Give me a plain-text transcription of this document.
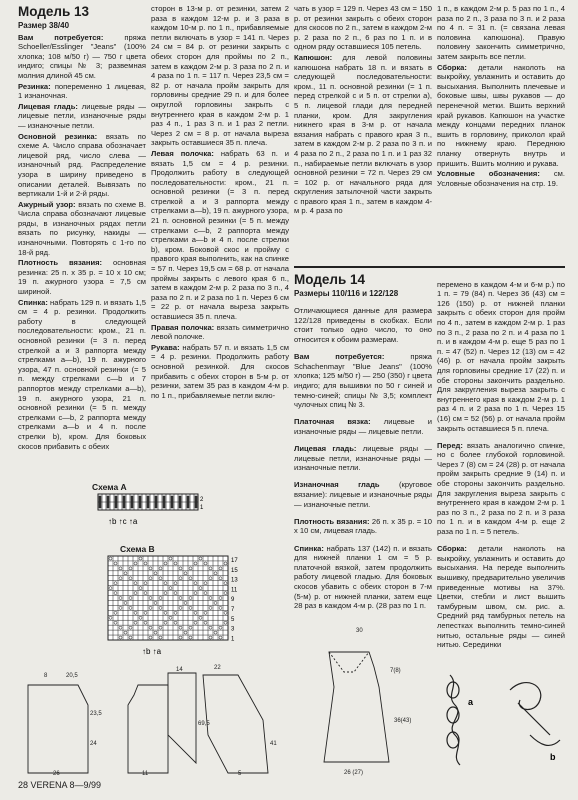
Модель 13
Размер 38/40

Вам потребуется:	пряжа Schoeller/Esslinger "Jeans" (100% хлопка; 108 м/50 г) — 750 г цвета индиго; спицы № 3; развемная молния длиной 45 см.

Резинка: попеременно 1 лицевая, 1 изнаночная.

Лицевая гладь: лицевые ряды — лицевые петли, изнаночные ряды — изнаночные петли.

Основной резинка: вязать по схеме А. Число справа обозначает лицевой ряд, число слева — изнаночный ряд. Распределение узора в ширину приведено в описании деталей. Вывязать по вертикали 1-й и 2-й ряды.

Ажурный узор: вязать по схеме В. Числа справа обозначают лицевые ряды, в изнаночных рядах петли вязать по рисунку, накиды — изнаночными. Повторять с 1-го по 18-й ряд.

Плотность вязания: основная резинка: 25 п. х 35 р. = 10 х 10 см; 19 п. ажурного узора = 7,5 см шириной.

Спинка: набрать 129 п. и вязать 1,5 см = 4 р. резинки. Продолжить работу в следующей последовательности: кром., 21 п. основной резинки (= 3 п. перед стрелкой а и 3 раппорта между стрелками а—b), 19 п. ажурного узора, 47 п. основной резинки (= 5 п. между стрелками с—b и 7 раппортов между стрелками а—b), 19 п. ажурного узора, 21 п. основной резинки (= 5 п. между стрелками с—b, 2 раппорта между стрелками а—b и 4 п. после стрелки b), кром. Для боковых скосов прибавить с обеих

сторон в 13-м р. от резинки, затем 2 раза в каждом 12-м р. и 3 раза в каждом 10-м р. по 1 п., прибавляемые петли включать в узор = 141 п. Через 24 см = 84 р. от резинки закрыть с обеих сторон для проймы по 2 п., затем в каждом 2-м р. 3 раза по 2 п. и 4 раза по 1 п. = 117 п. Через 23,5 см = 82 р. от начала пройм закрыть для горловины средние 29 п. и для более округлой горловины закрыть с внутреннего края в каждом 2-м р. 1 раз 4 п., 1 раз 3 п. и 1 раз 2 петли. Через 2 см = 8 р. от начала выреза закрыть оставшиеся 35 п. плеча.

Левая полочка: набрать 63 п. и вязать 1,5 см = 4 р. резинки. Продолжить работу в следующей последовательности: кром., 21 п. основной резинки (= 3 п. перед стрелкой а и 3 раппорта между стрелками а—b), 19 п. ажурного узора, 21 п. основной резинки (= 5 п. между стрелками с—b, 2 раппорта между стрелками а—b и 4 п. после стрелки b), кром. Боковой скос и пройму с правого края выполнить, как на спинке = 57 п. Через 19,5 см = 68 р. от начала проймы закрыть с левого края 6 п., затем в каждом 2-м р. 2 раза по 3 п., 4 раза по 2 п. и 2 раза по 1 п. Через 6 см = 22 р. от начала выреза закрыть оставшиеся 35 п. плеча.

Правая полочка: вязать симметрично левой полочке.

Рукава: набрать 57 п. и вязать 1,5 см = 4 р. резинки. Продолжить работу основной резинкой. Для скосов прибавить с обеих сторон в 5-м р. от резинки, затем 35 раз в каждом 4-м р. по 1 п., прибавляемые петли вклю-

чать в узор = 129 п. Через 43 см = 150 р. от резинки закрыть с обеих сторон для скосов по 2 п., затем в каждом 2-м р. 2 раза по 2 п., 6 раз по 1 п. и в одном ряду оставшиеся 105 петель.

Капюшон: для левой половины капюшона набрать 18 п. и вязать в следующей последовательности: кром., 11 п. основной резинки (= 1 п. перед стрелкой с и 5 п. от стрелки а), 5 п. лицевой глади для передней планки, кром. Для закругления нижнего края в 3-м р. от начала вязания набрать с правого края 3 п., затем в каждом 2-м р. 2 раза по 3 п. и 4 раза по 2 п., 2 раза по 1 п. и 1 раз 32 п., набираемые петли включать в узор основной резинки = 72 п. Через 29 см = 102 р. от начального ряда для скругления затылочной части закрыть с правого края 1 п., затем в каждом 4-м р. 4 раза по

1 п., в каждом 2-м р. 5 раз по 1 п., 4 раза по 2 п., 3 раза по 3 п. и 2 раза по 4 п. = 31 п. (= связана левая половина капюшона). Правую половину закончить симметрично, затем закрыть все петли.

Сборка: детали наколоть на выкройку, увлажнить и оставить до высыхания. Выполнить плечевые и боковые швы, швы рукавов — до перенечной метки. Вшить верхний край рукавов. Капюшон на участке между концами передних планок вшить в горловину, приколол край по нижнему краю. Переднюю планку отвернуть внутрь и пришить. Вшить молнию и рукава.

Условные обозначения: см. Условные обозначения на стр. 19.

Модель 14
Размеры 110/116 и 122/128

Отличающиеся данные для размера 122/128 приведены в скобках. Если стоит только одно число, то оно относится к обоим размерам.

Вам потребуется:	пряжа Schachenmayr "Blue Jeans" (100% хлопка; 125 м/50 г) — 250 (350) г цвета индиго; для вышивки по 50 г синей и темно-синей; спицы № 3,5; комплект чулочных спиц № 3.

Платочная вязка: лицевые и изнаночные ряды — лицевые петли.

Лицевая гладь: лицевые ряды — лицевые петли, изнаночные ряды — изнаночные петли.

Изнаночная гладь	(круговое вязание): лицевые и изнаночные ряды — изнаночные петли.

Плотность вязания: 26 п. х 35 р. = 10 х 10 см, лицевая гладь.

Спинка: набрать 137 (142) п. и вязать для нижней планки 1 см = 5 р. платочной вязкой, затем продолжить работу лицевой гладью. Для боковых скосов убавить с обеих сторон в 7-м (5-м) р. от нижней планки, затем еще 28 раз в каждом 4-м р. (28 раз по 1 п.

перемено в каждом 4-м и 6-м р.) по 1 п. = 79 (84) п. Через 36 (43) см = 126 (150) р. от нижней планки закрыть с обеих сторон для пройм по 4 п., затем в каждом 2-м р. 1 раз по 3 п., 2 раза по 2 п. и 4 раза по 1 п. и в каждом 4-м р. еще 5 раз по 1 п. = 47 (52) п. Через 12 (13) см = 42 (46) р. от начала пройм закрыть для горловины средние 17 (22) п. и обе стороны закончить раздельно. Для закругления выреза закрыть с внутреннего края в каждом 2-м р. 1 раз 4 п. и 2 раза по 1 п. Через 15 (16) см = 52 (56) р. от начала пройм закрыть оставшиеся 5 п. плеча.

Перед: вязать аналогично спинке, но с более глубокой горловиной. Через 7 (8) см = 24 (28) р. от начала пройм закрыть средние 9 (14) п. и обе стороны закончить раздельно. Для закругления выреза закрыть с внутреннего края в каждом 2-м р. 1 раз по 3 п., 2 раза по 2 п. и 3 раза по 1 п. и в каждом 4-м р. еще 2 раза по 1 п. = 5 петель.

Сборка: детали наколоть на выкройку, увлажнить и оставить до высыхания. На переде выполнить вышивку, предварительно увеличив приведенные мотивы на 37%. Цветки, стебли и лист вышить тамбурным швом, см. рис. а. Средний ряд тамбурных петель на лепестках выполнить темно-синей нитью, остальные ряды — синей нитью. Серединки

Схема А
2
1
↑b ↑c ↑a
Схема В
17
15
13
11
9
7
5
3
1
↑b ↑a
20,5
8
14
23,5
24
26	11
22
69,5
41
5
30
26 (27)
7(8)
36(43)
a
b
28 VERENA 8—9/99
